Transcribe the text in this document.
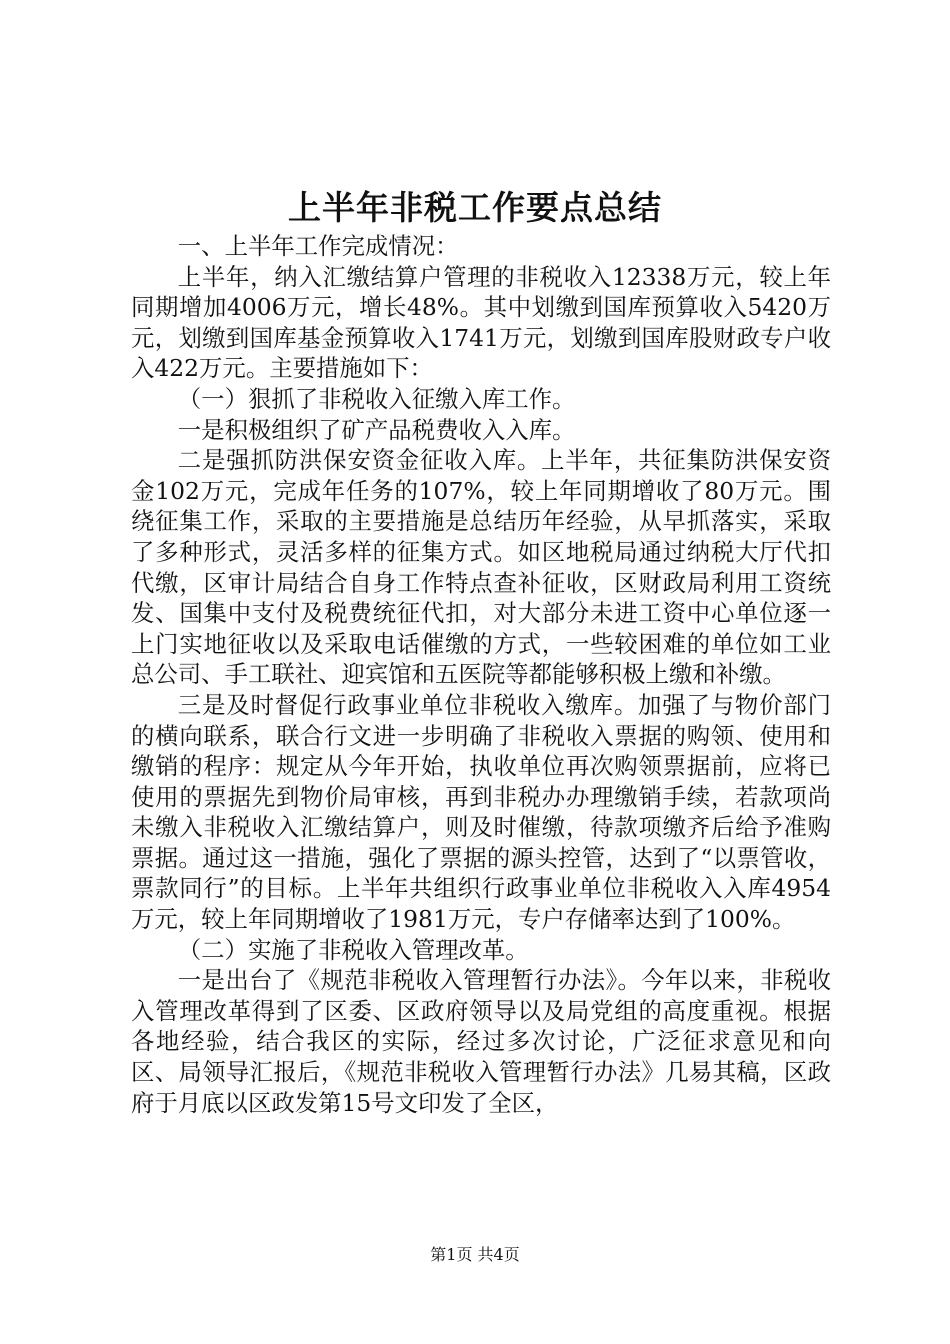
上半年非税工作要点总结

一、上半年工作完成情况：

上半年，纳入汇缴结算户管理的非税收入12338万元，较上年同期增加4006万元，增长48%。其中划缴到国库预算收入5420万元，划缴到国库基金预算收入1741万元，划缴到国库股财政专户收入422万元。主要措施如下：

（一）狠抓了非税收入征缴入库工作。

一是积极组织了矿产品税费收入入库。

二是强抓防洪保安资金征收入库。上半年，共征集防洪保安资金102万元，完成年任务的107%，较上年同期增收了80万元。围绕征集工作，采取的主要措施是总结历年经验，从早抓落实，采取了多种形式，灵活多样的征集方式。如区地税局通过纳税大厅代扣代缴，区审计局结合自身工作特点查补征收，区财政局利用工资统发、国集中支付及税费统征代扣，对大部分未进工资中心单位逐一上门实地征收以及采取电话催缴的方式，一些较困难的单位如工业总公司、手工联社、迎宾馆和五医院等都能够积极上缴和补缴。

三是及时督促行政事业单位非税收入缴库。加强了与物价部门的横向联系，联合行文进一步明确了非税收入票据的购领、使用和缴销的程序：规定从今年开始，执收单位再次购领票据前，应将已使用的票据先到物价局审核，再到非税办办理缴销手续，若款项尚未缴入非税收入汇缴结算户，则及时催缴，待款项缴齐后给予准购票据。通过这一措施，强化了票据的源头控管，达到了“以票管收，票款同行”的目标。上半年共组织行政事业单位非税收入入库4954万元，较上年同期增收了1981万元，专户存储率达到了100%。

（二）实施了非税收入管理改革。

一是出台了《规范非税收入管理暂行办法》。今年以来，非税收入管理改革得到了区委、区政府领导以及局党组的高度重视。根据各地经验，结合我区的实际，经过多次讨论，广泛征求意见和向区、局领导汇报后，《规范非税收入管理暂行办法》几易其稿，区政府于月底以区政发第15号文印发了全区，

第1页 共4页
